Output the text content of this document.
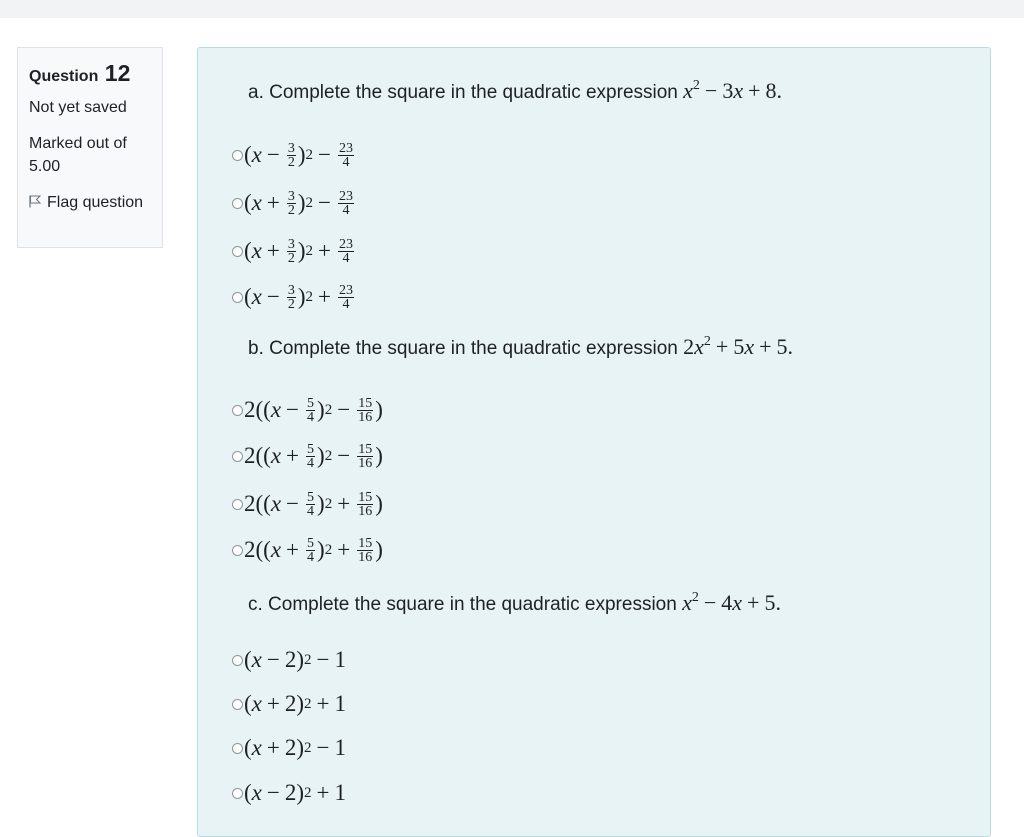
Question 12
Not yet saved
Marked out of 5.00
Flag question
a. Complete the square in the quadratic expression $x^2 - 3x + 8$.
( $x - \frac{3}{2}$ ) $2 - \frac{23}{4}$
( $x + \frac{3}{2}$ ) $2 - \frac{23}{4}$
( $x + \frac{3}{2}$ ) $2 + \frac{23}{4}$
( $x - \frac{3}{2}$ ) $2 + \frac{23}{4}$
b. Complete the square in the quadratic expression $2x^2 + 5x + 5$.
2(( $x - \frac{5}{4}$ ) $2 - \frac{15}{16}$ )
2(( $x + \frac{5}{4}$ ) $2 - \frac{15}{16}$ )
2(( $x - \frac{5}{4}$ ) $2 + \frac{15}{16}$ )
2(( $x + \frac{5}{4}$ ) $2 + \frac{15}{16}$ )
c. Complete the square in the quadratic expression $x^2 - 4x + 5$.
( x − 2) 2 − 1
( x + 2) 2 + 1
( x + 2) 2 − 1
( x − 2) 2 + 1
